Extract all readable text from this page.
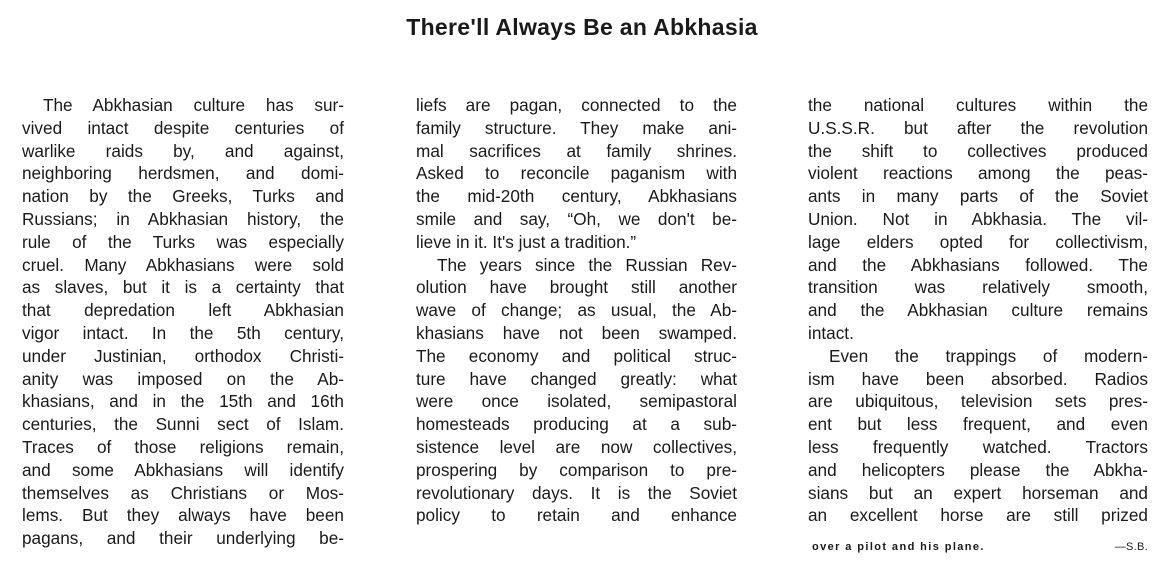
There'll Always Be an Abkhasia
The Abkhasian culture has sur-
vived intact despite centuries of
warlike raids by, and against,
neighboring herdsmen, and domi-
nation by the Greeks, Turks and
Russians; in Abkhasian history, the
rule of the Turks was especially
cruel. Many Abkhasians were sold
as slaves, but it is a certainty that
that depredation left Abkhasian
vigor intact. In the 5th century,
under Justinian, orthodox Christi-
anity was imposed on the Ab-
khasians, and in the 15th and 16th
centuries, the Sunni sect of Islam.
Traces of those religions remain,
and some Abkhasians will identify
themselves as Christians or Mos-
lems. But they always have been
pagans, and their underlying be-
liefs are pagan, connected to the
family structure. They make ani-
mal sacrifices at family shrines.
Asked to reconcile paganism with
the mid-20th century, Abkhasians
smile and say, “Oh, we don't be-
lieve in it. It's just a tradition.”
The years since the Russian Rev-
olution have brought still another
wave of change; as usual, the Ab-
khasians have not been swamped.
The economy and political struc-
ture have changed greatly: what
were once isolated, semipastoral
homesteads producing at a sub-
sistence level are now collectives,
prospering by comparison to pre-
revolutionary days. It is the Soviet
policy to retain and enhance
the national cultures within the
U.S.S.R. but after the revolution
the shift to collectives produced
violent reactions among the peas-
ants in many parts of the Soviet
Union. Not in Abkhasia. The vil-
lage elders opted for collectivism,
and the Abkhasians followed. The
transition was relatively smooth,
and the Abkhasian culture remains
intact.
Even the trappings of modern-
ism have been absorbed. Radios
are ubiquitous, television sets pres-
ent but less frequent, and even
less frequently watched. Tractors
and helicopters please the Abkha-
sians but an expert horseman and
an excellent horse are still prized
over a pilot and his plane.	—S.B.
